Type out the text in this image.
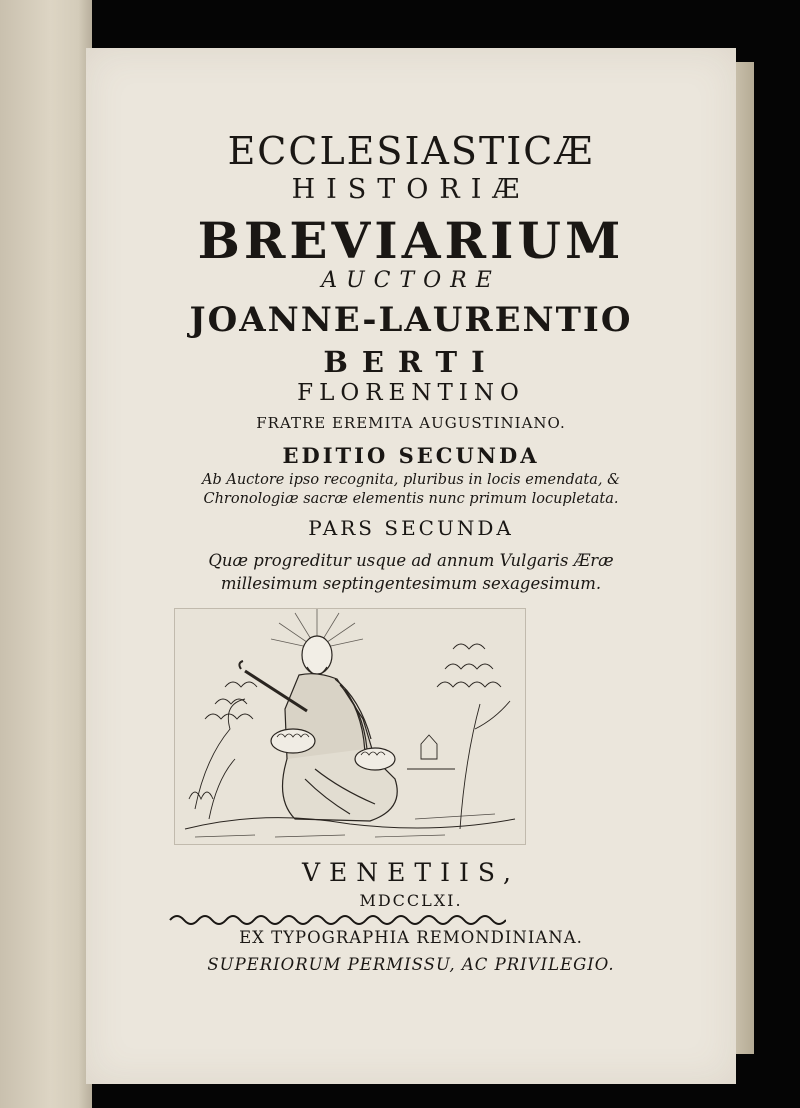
ECCLESIASTICÆ

HISTORIÆ

BREVIARIUM

AUCTORE

JOANNE-LAURENTIO

BERTI

FLORENTINO

FRATRE EREMITA AUGUSTINIANO.

EDITIO SECUNDA

Ab Auctore ipso recognita, pluribus in locis emendata, &

Chronologiæ sacræ elementis nunc primum locupletata.

PARS SECUNDA

Quæ progreditur usque ad annum Vulgaris Æræ

millesimum septingentesimum sexagesimum.

VENETIIS,

MDCCLXI.

EX TYPOGRAPHIA REMONDINIANA.

SUPERIORUM PERMISSU, AC PRIVILEGIO.
